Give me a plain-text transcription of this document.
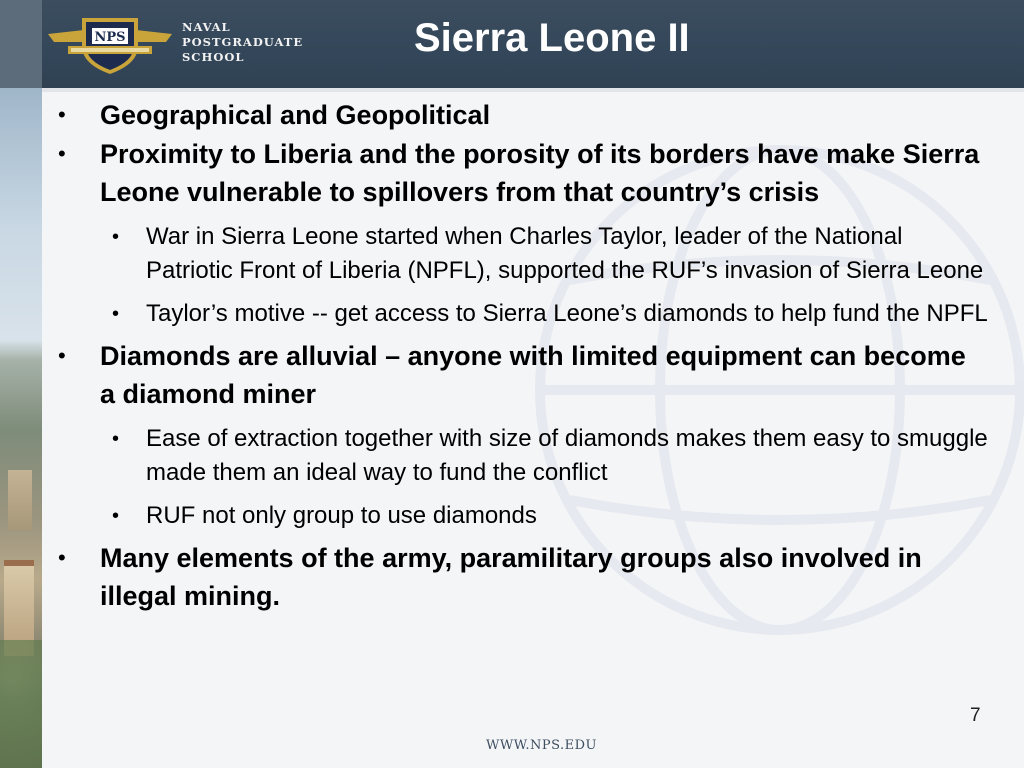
NPS
NAVAL
POSTGRADUATE
SCHOOL	Sierra Leone II
• Geographical and Geopolitical
• Proximity to Liberia and the porosity of its borders have make Sierra Leone vulnerable to spillovers from that country’s crisis
• War in Sierra Leone started when Charles Taylor, leader of the National Patriotic Front of Liberia (NPFL), supported the RUF’s invasion of Sierra Leone
• Taylor’s motive -- get access to Sierra Leone’s diamonds to help fund the NPFL
• Diamonds are alluvial – anyone with limited equipment can become a diamond miner
• Ease of extraction together with size of diamonds makes them easy to smuggle made them an ideal way to fund the conflict
• RUF not only group to use diamonds
• Many elements of the army, paramilitary groups also involved in illegal mining.
7
WWW.NPS.EDU
